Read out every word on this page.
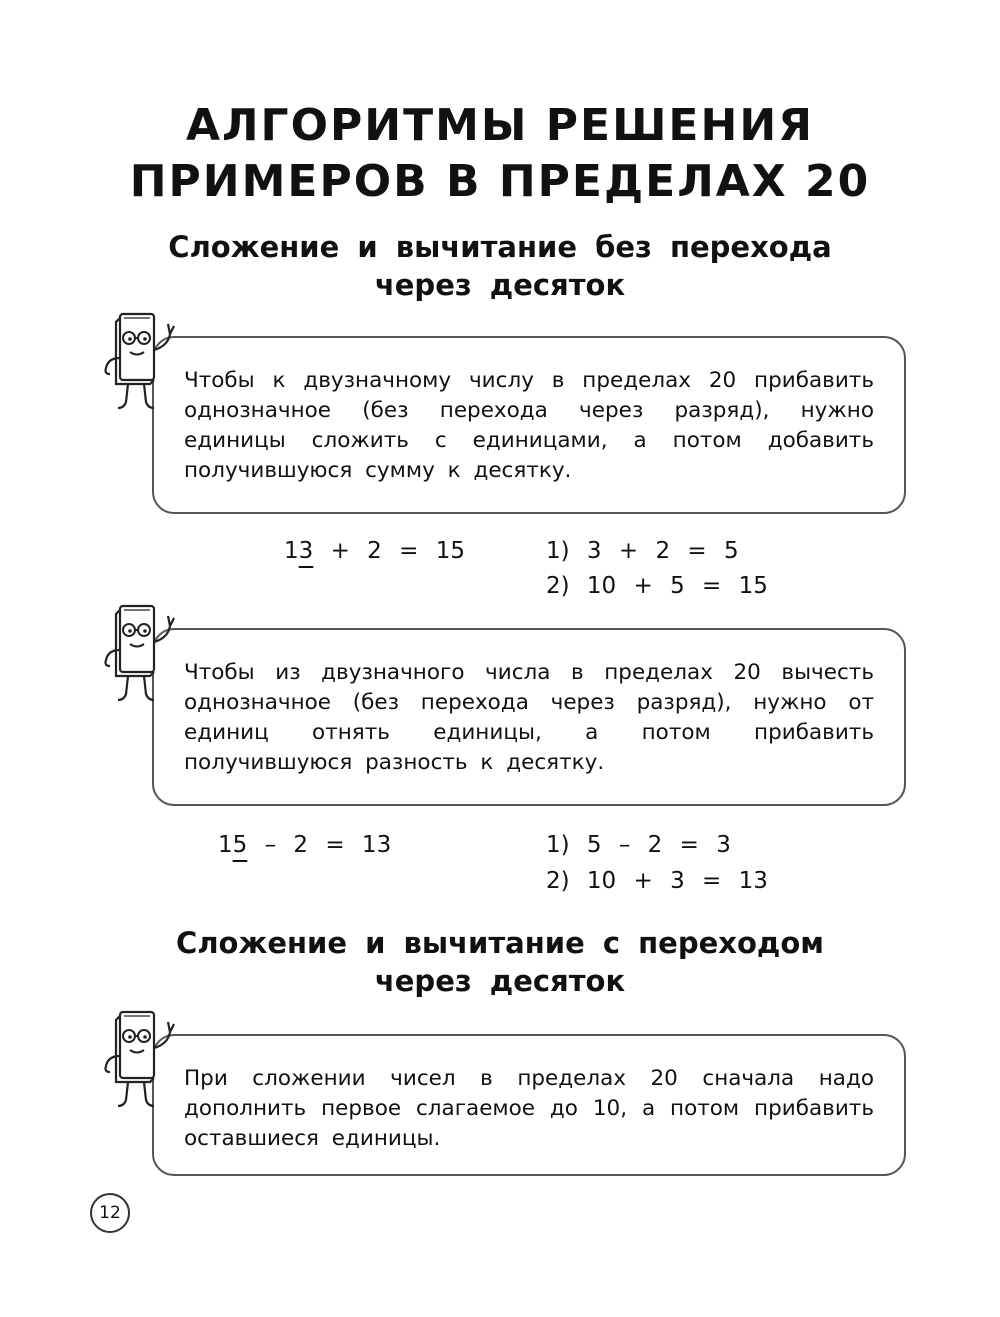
АЛГОРИТМЫ РЕШЕНИЯ
ПРИМЕРОВ В ПРЕДЕЛАХ 20
Сложение и вычитание без перехода
через десяток

Чтобы к двузначному числу в пределах 20 прибавить однозначное (без перехода через разряд), нужно единицы сложить с единицами, а потом добавить получившуюся сумму к десятку.

13 + 2 = 15	1) 3 + 2 = 5
2) 10 + 5 = 15

Чтобы из двузначного числа в пределах 20 вычесть однозначное (без перехода через разряд), нужно от единиц отнять единицы, а потом прибавить получившуюся разность к десятку.

15 – 2 = 13	1) 5 – 2 = 3
2) 10 + 3 = 13
Сложение и вычитание с переходом
через десяток

При сложении чисел в пределах 20 сначала надо дополнить первое слагаемое до 10, а потом прибавить оставшиеся единицы.

12
